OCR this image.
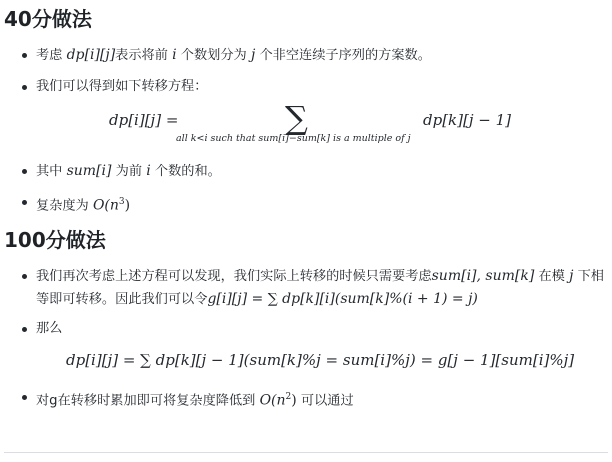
40分做法
考虑 dp[i][j]表示将前 i 个数划分为 j 个非空连续子序列的方案数。
我们可以得到如下转移方程：
dp[i][j] =	∑
all k<i such that sum[i]−sum[k] is a multiple of j
dp[k][j − 1]
其中 sum[i] 为前 i 个数的和。
复杂度为 $O(n^3)$
100分做法
我们再次考虑上述方程可以发现，我们实际上转移的时候只需要考虑sum[i], sum[k] 在模 j 下相
等即可转移。因此我们可以令g[i][j] = ∑ dp[k][i](sum[k]%(i + 1) = j)
那么
dp[i][j] = ∑ dp[k][j − 1](sum[k]%j = sum[i]%j) = g[j − 1][sum[i]%j]
对g在转移时累加即可将复杂度降低到 $O(n^2)$ 可以通过
